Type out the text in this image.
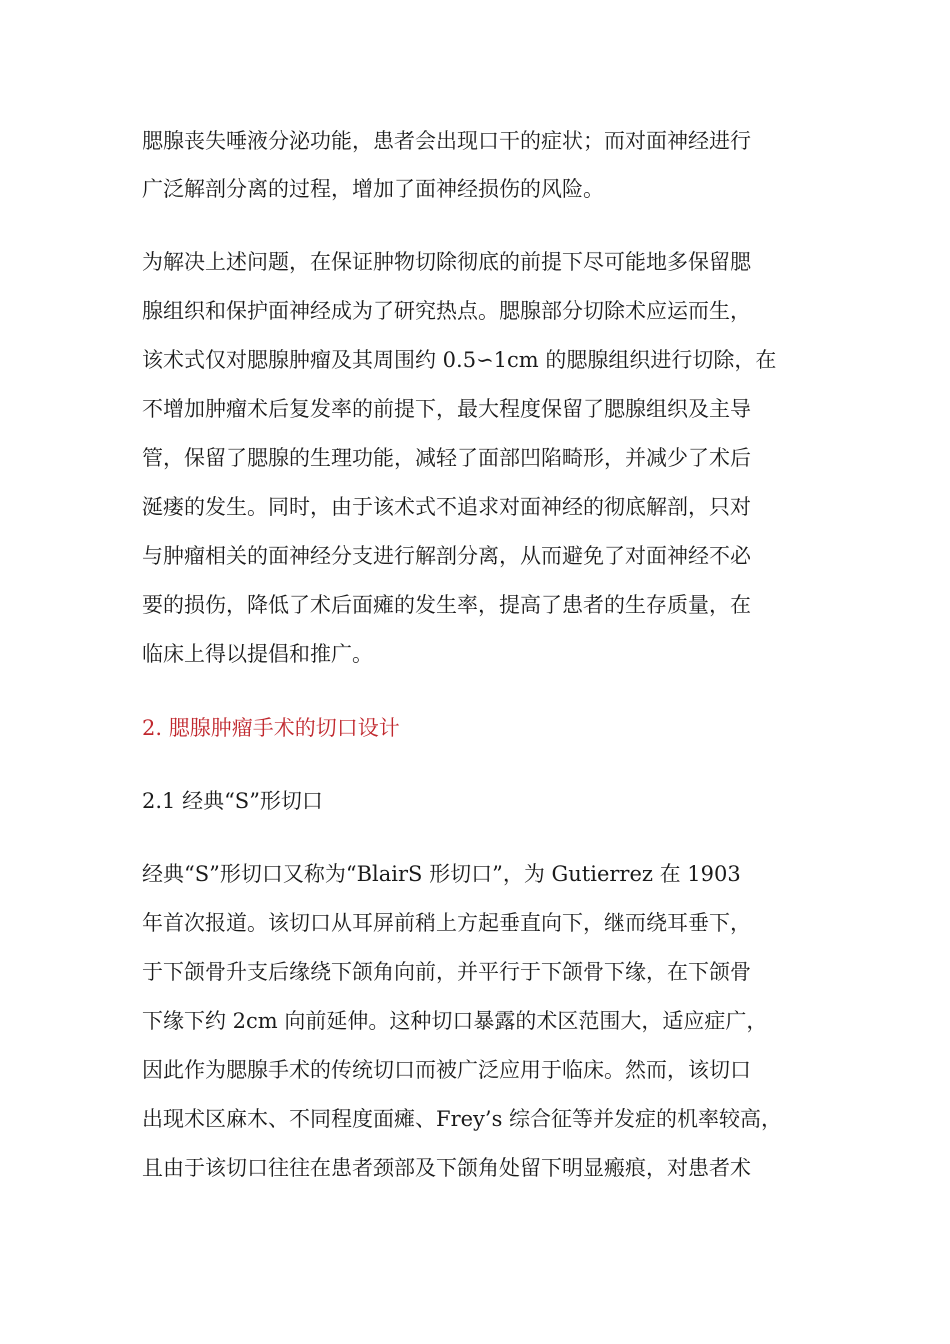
腮腺丧失唾液分泌功能，患者会出现口干的症状；而对面神经进行
广泛解剖分离的过程，增加了面神经损伤的风险。
为解决上述问题，在保证肿物切除彻底的前提下尽可能地多保留腮
腺组织和保护面神经成为了研究热点。腮腺部分切除术应运而生，
该术式仅对腮腺肿瘤及其周围约 0.5∽1cm 的腮腺组织进行切除，在
不增加肿瘤术后复发率的前提下，最大程度保留了腮腺组织及主导
管，保留了腮腺的生理功能，减轻了面部凹陷畸形，并减少了术后
涎瘘的发生。同时，由于该术式不追求对面神经的彻底解剖，只对
与肿瘤相关的面神经分支进行解剖分离，从而避免了对面神经不必
要的损伤，降低了术后面瘫的发生率，提高了患者的生存质量，在
临床上得以提倡和推广。
2. 腮腺肿瘤手术的切口设计
2.1 经典“S”形切口
经典“S”形切口又称为“BlairS 形切口”，为 Gutierrez 在 1903
年首次报道。该切口从耳屏前稍上方起垂直向下，继而绕耳垂下，
于下颌骨升支后缘绕下颌角向前，并平行于下颌骨下缘，在下颌骨
下缘下约 2cm 向前延伸。这种切口暴露的术区范围大，适应症广，
因此作为腮腺手术的传统切口而被广泛应用于临床。然而，该切口
出现术区麻木、不同程度面瘫、Frey’s 综合征等并发症的机率较高，
且由于该切口往往在患者颈部及下颌角处留下明显瘢痕，对患者术
